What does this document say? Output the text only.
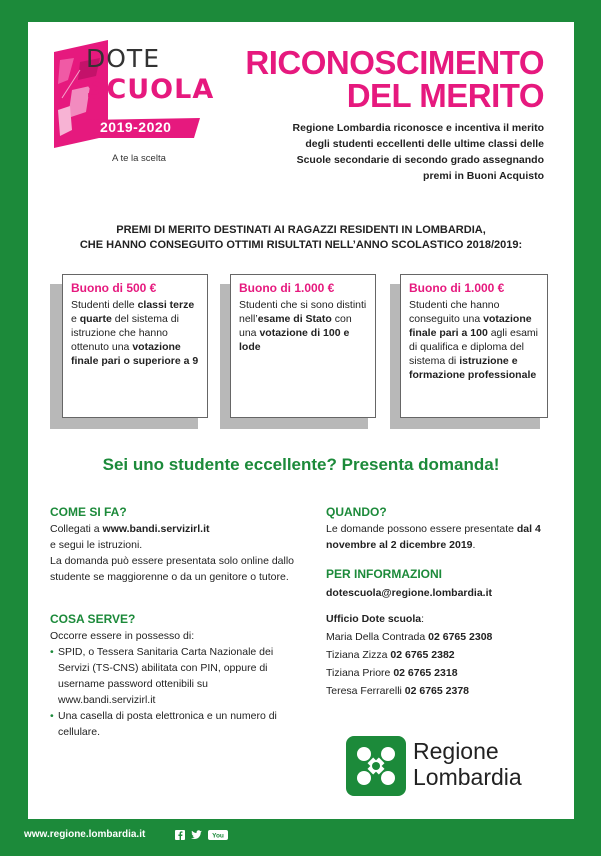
DOTE
SCUOLA
2019-2020
A te la scelta
RICONOSCIMENTO
DEL MERITO
Regione Lombardia riconosce e incentiva il merito degli studenti eccellenti delle ultime classi delle Scuole secondarie di secondo grado assegnando premi in Buoni Acquisto
PREMI DI MERITO DESTINATI AI RAGAZZI RESIDENTI IN LOMBARDIA,
CHE HANNO CONSEGUITO OTTIMI RISULTATI NELL’ANNO SCOLASTICO 2018/2019:
Buono di 500 €
Studenti delle classi terze e quarte del sistema di istruzione che hanno ottenuto una votazione finale pari o superiore a 9
Buono di 1.000 €
Studenti che si sono distinti nell’esame di Stato con una votazione di 100 e lode
Buono di 1.000 €
Studenti che hanno conseguito una votazione finale pari a 100 agli esami di qualifica e diploma del sistema di istruzione e formazione professionale
Sei uno studente eccellente? Presenta domanda!
COME SI FA?
Collegati a www.bandi.servizirl.it
e segui le istruzioni.
La domanda può essere presentata solo online dallo studente se maggiorenne o da un genitore o tutore.
COSA SERVE?
Occorre essere in possesso di:
• SPID, o Tessera Sanitaria Carta Nazionale dei Servizi (TS-CNS) abilitata con PIN, oppure di username password ottenibili su www.bandi.servizirl.it
• Una casella di posta elettronica e un numero di cellulare.
QUANDO?
Le domande possono essere presentate dal 4 novembre al 2 dicembre 2019.
PER INFORMAZIONI
dotescuola@regione.lombardia.it
Ufficio Dote scuola:
Maria Della Contrada 02 6765 2308
Tiziana Zizza 02 6765 2382
Tiziana Priore 02 6765 2318
Teresa Ferrarelli 02 6765 2378
Regione
Lombardia
www.regione.lombardia.it	You
